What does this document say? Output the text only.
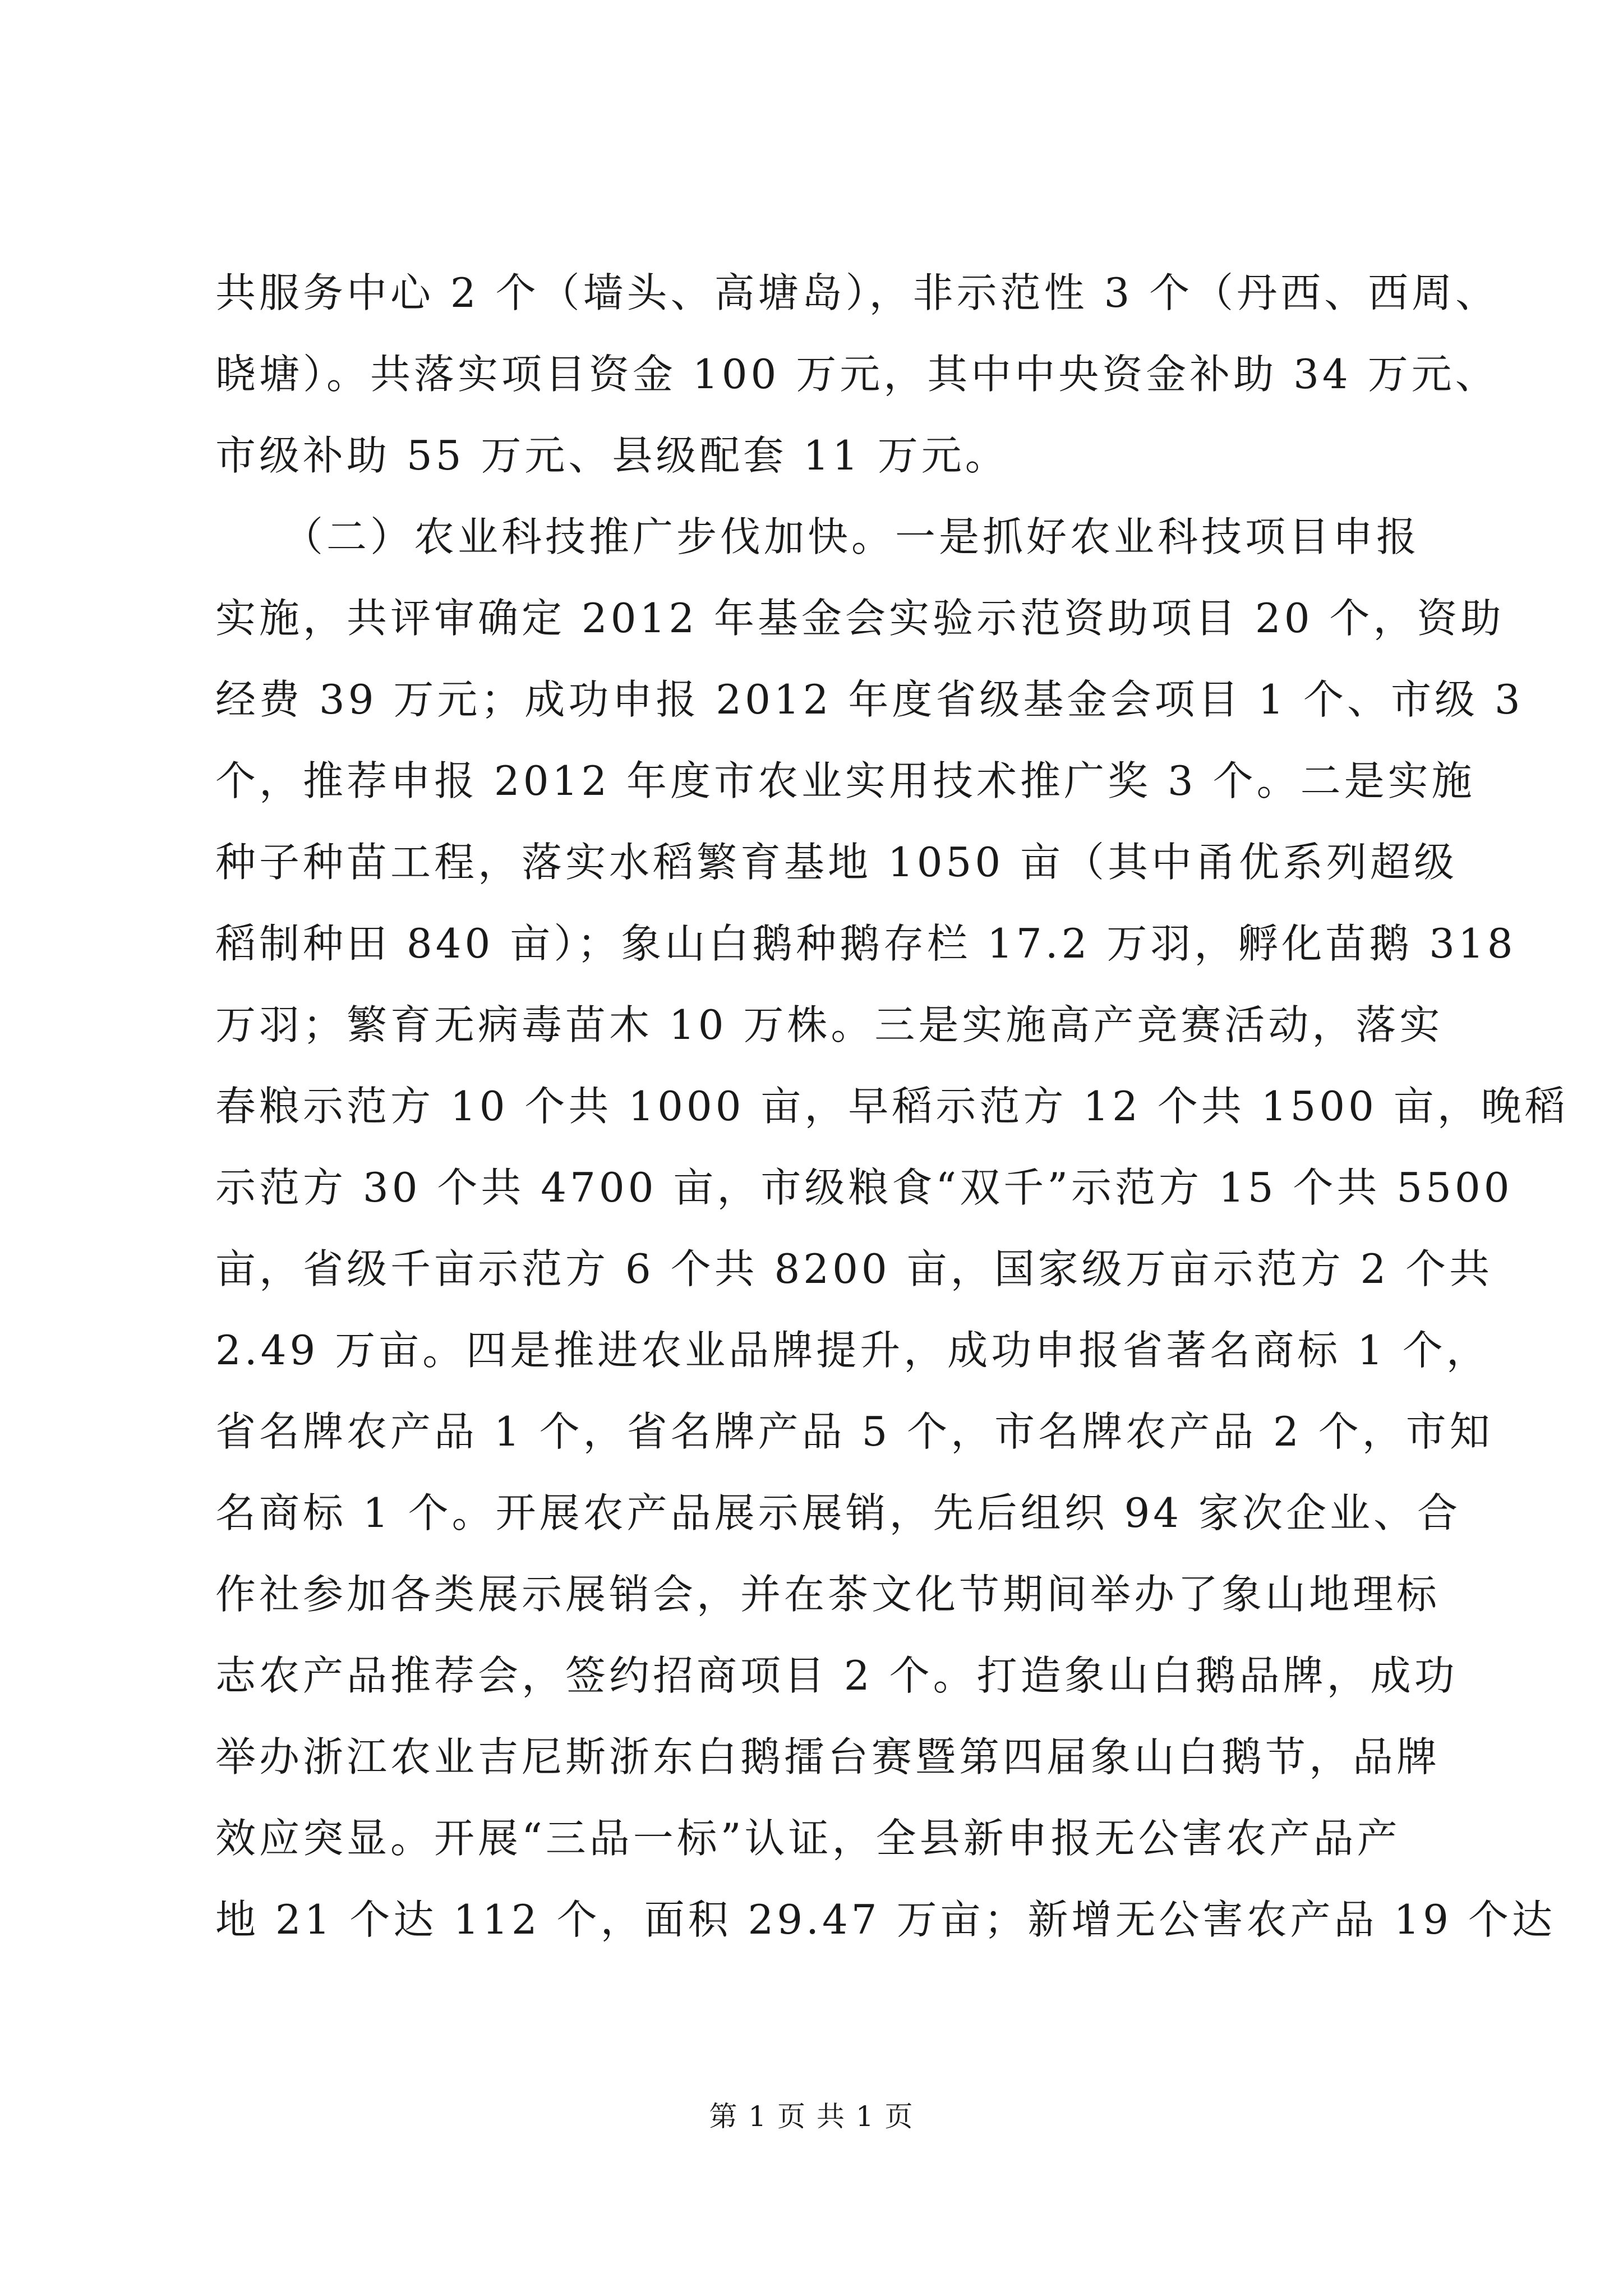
共服务中心 2 个（墙头、高塘岛），非示范性 3 个（丹西、西周、
晓塘）。共落实项目资金 100 万元，其中中央资金补助 34 万元、
市级补助 55 万元、县级配套 11 万元。
　　（二）农业科技推广步伐加快。一是抓好农业科技项目申报
实施，共评审确定 2012 年基金会实验示范资助项目 20 个，资助
经费 39 万元；成功申报 2012 年度省级基金会项目 1 个、市级 3
个，推荐申报 2012 年度市农业实用技术推广奖 3 个。二是实施
种子种苗工程，落实水稻繁育基地 1050 亩（其中甬优系列超级
稻制种田 840 亩）；象山白鹅种鹅存栏 17.2 万羽，孵化苗鹅 318
万羽；繁育无病毒苗木 10 万株。三是实施高产竞赛活动，落实
春粮示范方 10 个共 1000 亩，早稻示范方 12 个共 1500 亩，晚稻
示范方 30 个共 4700 亩，市级粮食“双千”示范方 15 个共 5500
亩，省级千亩示范方 6 个共 8200 亩，国家级万亩示范方 2 个共
2.49 万亩。四是推进农业品牌提升，成功申报省著名商标 1 个，
省名牌农产品 1 个，省名牌产品 5 个，市名牌农产品 2 个，市知
名商标 1 个。开展农产品展示展销，先后组织 94 家次企业、合
作社参加各类展示展销会，并在茶文化节期间举办了象山地理标
志农产品推荐会，签约招商项目 2 个。打造象山白鹅品牌，成功
举办浙江农业吉尼斯浙东白鹅擂台赛暨第四届象山白鹅节，品牌
效应突显。开展“三品一标”认证，全县新申报无公害农产品产
地 21 个达 112 个，面积 29.47 万亩；新增无公害农产品 19 个达
第 1 页 共 1 页
